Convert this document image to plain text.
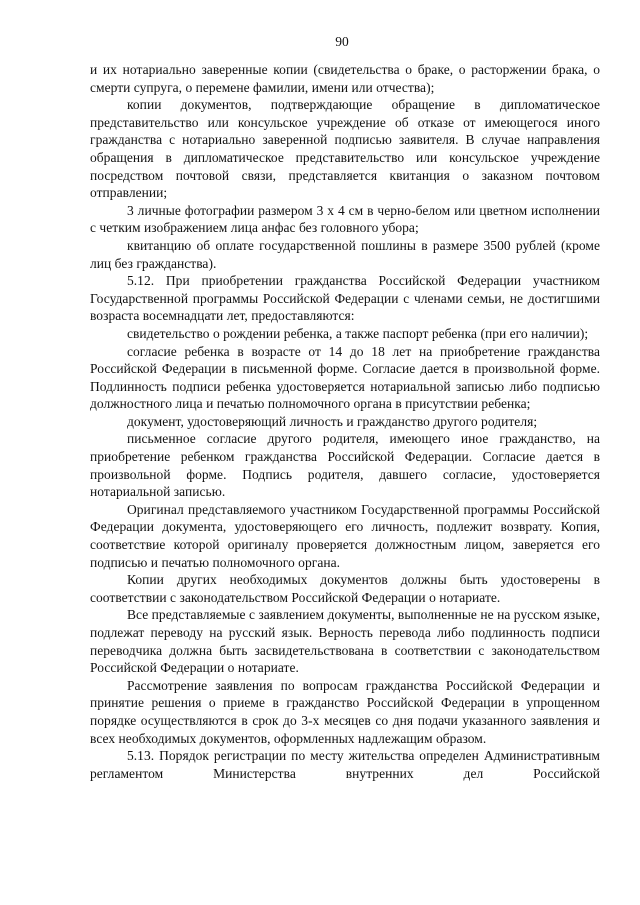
90

и их нотариально заверенные копии (свидетельства о браке, о расторжении брака, о смерти супруга, о перемене фамилии, имени или отчества);

копии документов, подтверждающие обращение в дипломатическое представительство или консульское учреждение об отказе от имеющегося иного гражданства с нотариально заверенной подписью заявителя. В случае направления обращения в дипломатическое представительство или консульское учреждение посредством почтовой связи, представляется квитанция о заказном почтовом отправлении;

3 личные фотографии размером 3 х 4 см в черно-белом или цветном исполнении с четким изображением лица анфас без головного убора;

квитанцию об оплате государственной пошлины в размере 3500 рублей (кроме лиц без гражданства).

5.12. При приобретении гражданства Российской Федерации участником Государственной программы Российской Федерации с членами семьи, не достигшими возраста восемнадцати лет, предоставляются:

свидетельство о рождении ребенка, а также паспорт ребенка (при его наличии);

согласие ребенка в возрасте от 14 до 18 лет на приобретение гражданства Российской Федерации в письменной форме. Согласие дается в произвольной форме. Подлинность подписи ребенка удостоверяется нотариальной записью либо подписью должностного лица и печатью полномочного органа в присутствии ребенка;

документ, удостоверяющий личность и гражданство другого родителя;

письменное согласие другого родителя, имеющего иное гражданство, на приобретение ребенком гражданства Российской Федерации. Согласие дается в произвольной форме. Подпись родителя, давшего согласие, удостоверяется нотариальной записью.

Оригинал представляемого участником Государственной программы Российской Федерации документа, удостоверяющего его личность, подлежит возврату. Копия, соответствие которой оригиналу проверяется должностным лицом, заверяется его подписью и печатью полномочного органа.

Копии других необходимых документов должны быть удостоверены в соответствии с законодательством Российской Федерации о нотариате.

Все представляемые с заявлением документы, выполненные не на русском языке, подлежат переводу на русский язык. Верность перевода либо подлинность подписи переводчика должна быть засвидетельствована в соответствии с законодательством Российской Федерации о нотариате.

Рассмотрение заявления по вопросам гражданства Российской Федерации и принятие решения о приеме в гражданство Российской Федерации в упрощенном порядке осуществляются в срок до 3-х месяцев со дня подачи указанного заявления и всех необходимых документов, оформленных надлежащим образом.

5.13. Порядок регистрации по месту жительства определен Административным регламентом Министерства внутренних дел Российской
